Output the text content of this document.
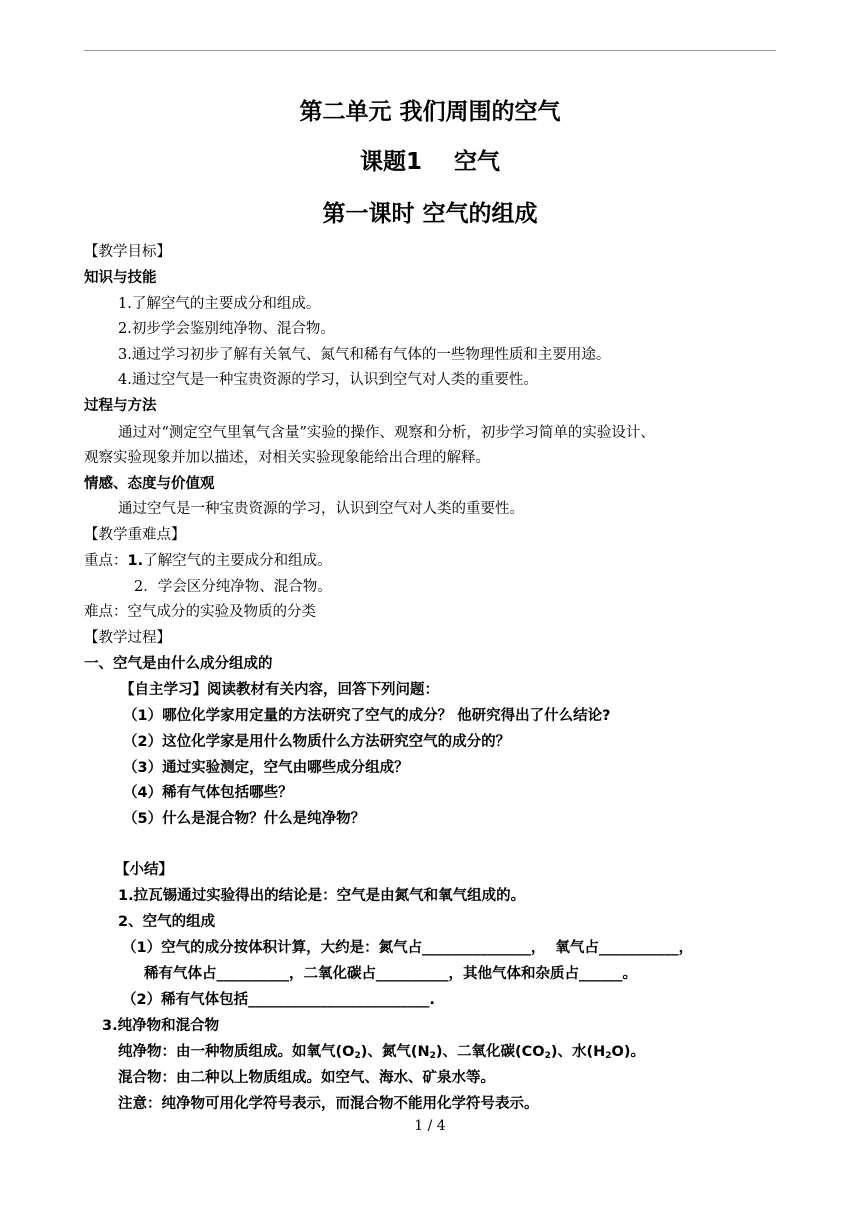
第二单元 我们周围的空气
课题1    空气
第一课时 空气的组成
【教学目标】
知识与技能
1.了解空气的主要成分和组成。
2.初步学会鉴别纯净物、混合物。
3.通过学习初步了解有关氧气、氮气和稀有气体的一些物理性质和主要用途。
4.通过空气是一种宝贵资源的学习，认识到空气对人类的重要性。
过程与方法
通过对“测定空气里氧气含量”实验的操作、观察和分析，初步学习简单的实验设计、
观察实验现象并加以描述，对相关实验现象能给出合理的解释。
情感、态度与价值观
通过空气是一种宝贵资源的学习，认识到空气对人类的重要性。
【教学重难点】
重点：1.了解空气的主要成分和组成。
2．学会区分纯净物、混合物。
难点：空气成分的实验及物质的分类
【教学过程】
一、空气是由什么成分组成的
【自主学习】阅读教材有关内容，回答下列问题：
（1）哪位化学家用定量的方法研究了空气的成分？ 他研究得出了什么结论?
（2）这位化学家是用什么物质什么方法研究空气的成分的？
（3）通过实验测定，空气由哪些成分组成？
（4）稀有气体包括哪些？
（5）什么是混合物？什么是纯净物？
【小结】
1.拉瓦锡通过实验得出的结论是：空气是由氮气和氧气组成的。
2、空气的组成
（1）空气的成分按体积计算，大约是：氮气占_______________，  氧气占___________，
稀有气体占__________，二氧化碳占__________，其他气体和杂质占______。
（2）稀有气体包括_________________________.
3.纯净物和混合物
纯净物：由一种物质组成。如氧气$(O_2)$、氮气$(N_2)$、二氧化碳$(CO_2)$、水$(H_2O)$。
混合物：由二种以上物质组成。如空气、海水、矿泉水等。
注意：纯净物可用化学符号表示，而混合物不能用化学符号表示。
1 / 4
